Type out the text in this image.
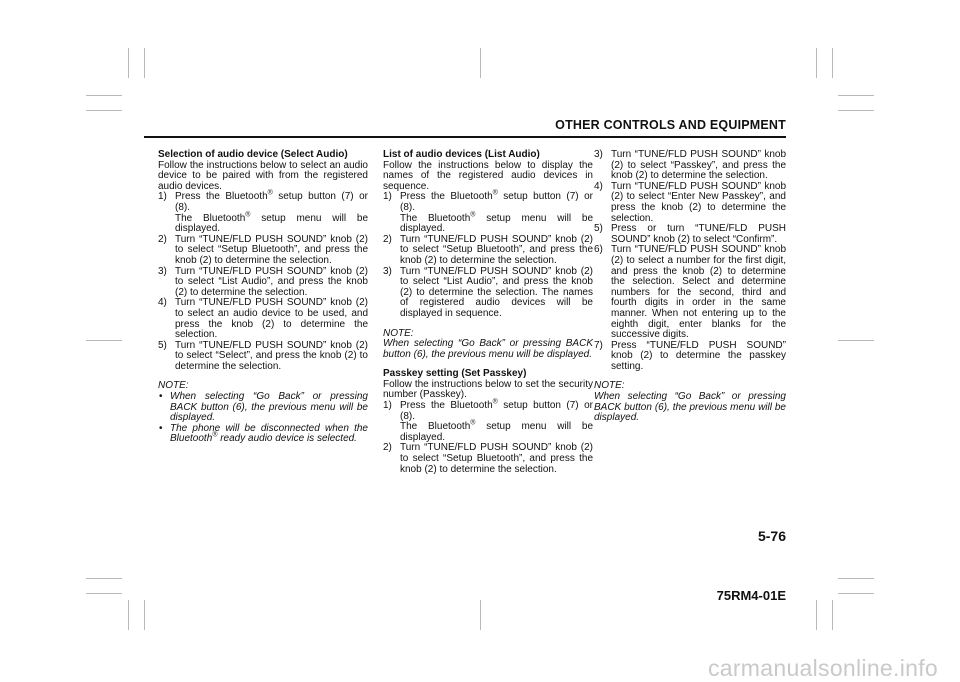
OTHER CONTROLS AND EQUIPMENT
Selection of audio device (Select Audio)

Follow the instructions below to select an audio device to be paired with from the registered audio devices.

1) Press the Bluetooth® setup button (7) or (8).
The Bluetooth® setup menu will be displayed.
2) Turn “TUNE/FLD PUSH SOUND” knob (2) to select “Setup Bluetooth”, and press the knob (2) to determine the selection.
3) Turn “TUNE/FLD PUSH SOUND” knob (2) to select “List Audio”, and press the knob (2) to determine the selection.
4) Turn “TUNE/FLD PUSH SOUND” knob (2) to select an audio device to be used, and press the knob (2) to determine the selection.
5) Turn “TUNE/FLD PUSH SOUND” knob (2) to select “Select”, and press the knob (2) to determine the selection.

NOTE:

• When selecting “Go Back” or pressing BACK button (6), the previous menu will be displayed.
• The phone will be disconnected when the Bluetooth® ready audio device is selected.
List of audio devices (List Audio)

Follow the instructions below to display the names of the registered audio devices in sequence.

1) Press the Bluetooth® setup button (7) or (8).
The Bluetooth® setup menu will be displayed.
2) Turn “TUNE/FLD PUSH SOUND” knob (2) to select “Setup Bluetooth”, and press the knob (2) to determine the selection.
3) Turn “TUNE/FLD PUSH SOUND” knob (2) to select “List Audio”, and press the knob (2) to determine the selection. The names of registered audio devices will be displayed in sequence.

NOTE:

When selecting “Go Back” or pressing BACK button (6), the previous menu will be displayed.

Passkey setting (Set Passkey)

Follow the instructions below to set the security number (Passkey).

1) Press the Bluetooth® setup button (7) or (8).
The Bluetooth® setup menu will be displayed.
2) Turn “TUNE/FLD PUSH SOUND” knob (2) to select “Setup Bluetooth”, and press the knob (2) to determine the selection.
3) Turn “TUNE/FLD PUSH SOUND” knob (2) to select “Passkey”, and press the knob (2) to determine the selection.
4) Turn “TUNE/FLD PUSH SOUND” knob (2) to select “Enter New Passkey”, and press the knob (2) to determine the selection.
5) Press or turn “TUNE/FLD PUSH SOUND” knob (2) to select “Confirm”.
6) Turn “TUNE/FLD PUSH SOUND” knob (2) to select a number for the first digit, and press the knob (2) to determine the selection. Select and determine numbers for the second, third and fourth digits in order in the same manner. When not entering up to the eighth digit, enter blanks for the successive digits.
7) Press “TUNE/FLD PUSH SOUND” knob (2) to determine the passkey setting.

NOTE:

When selecting “Go Back” or pressing BACK button (6), the previous menu will be displayed.

5-76
75RM4-01E
carmanualsonline.info
